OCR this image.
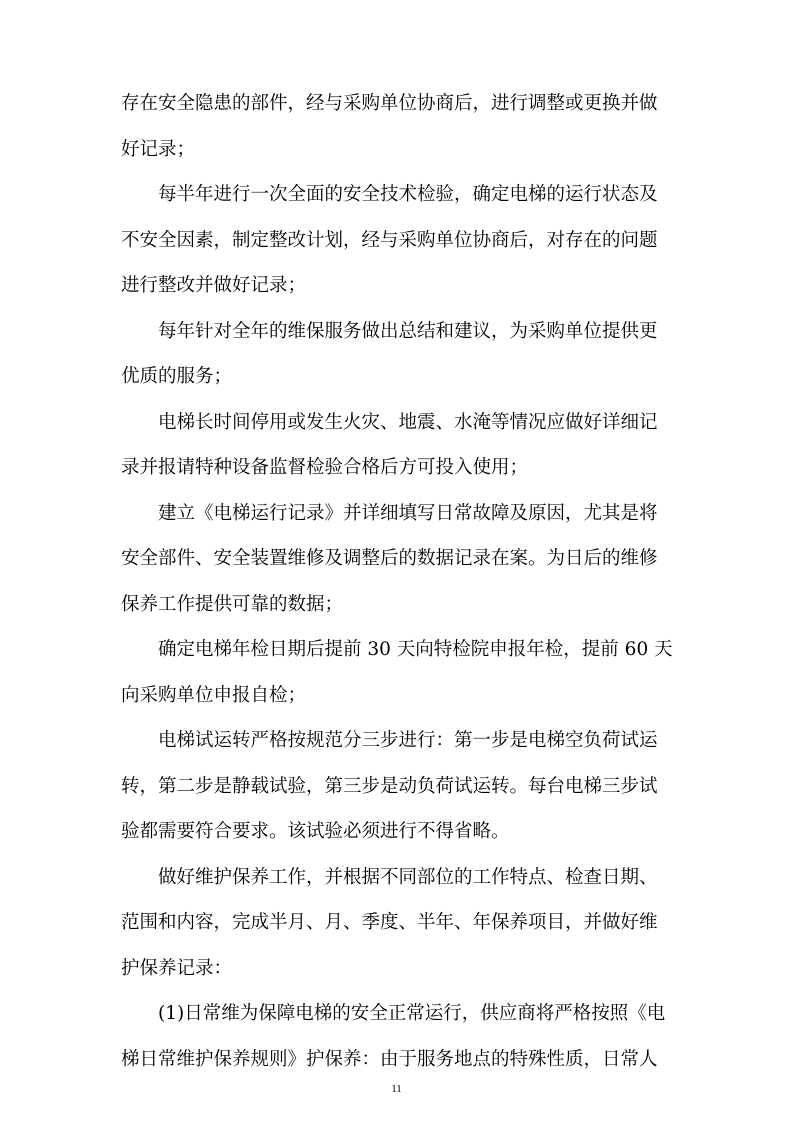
存在安全隐患的部件，经与采购单位协商后，进行调整或更换并做
好记录；
每半年进行一次全面的安全技术检验，确定电梯的运行状态及
不安全因素，制定整改计划，经与采购单位协商后，对存在的问题
进行整改并做好记录；
每年针对全年的维保服务做出总结和建议，为采购单位提供更
优质的服务；
电梯长时间停用或发生火灾、地震、水淹等情况应做好详细记
录并报请特种设备监督检验合格后方可投入使用；
建立《电梯运行记录》并详细填写日常故障及原因，尤其是将
安全部件、安全装置维修及调整后的数据记录在案。为日后的维修
保养工作提供可靠的数据；
确定电梯年检日期后提前 30 天向特检院申报年检，提前 60 天
向采购单位申报自检；
电梯试运转严格按规范分三步进行：第一步是电梯空负荷试运
转，第二步是静载试验，第三步是动负荷试运转。每台电梯三步试
验都需要符合要求。该试验必须进行不得省略。
做好维护保养工作，并根据不同部位的工作特点、检查日期、
范围和内容，完成半月、月、季度、半年、年保养项目，并做好维
护保养记录：
(1)日常维为保障电梯的安全正常运行，供应商将严格按照《电
梯日常维护保养规则》护保养：由于服务地点的特殊性质，日常人
11
